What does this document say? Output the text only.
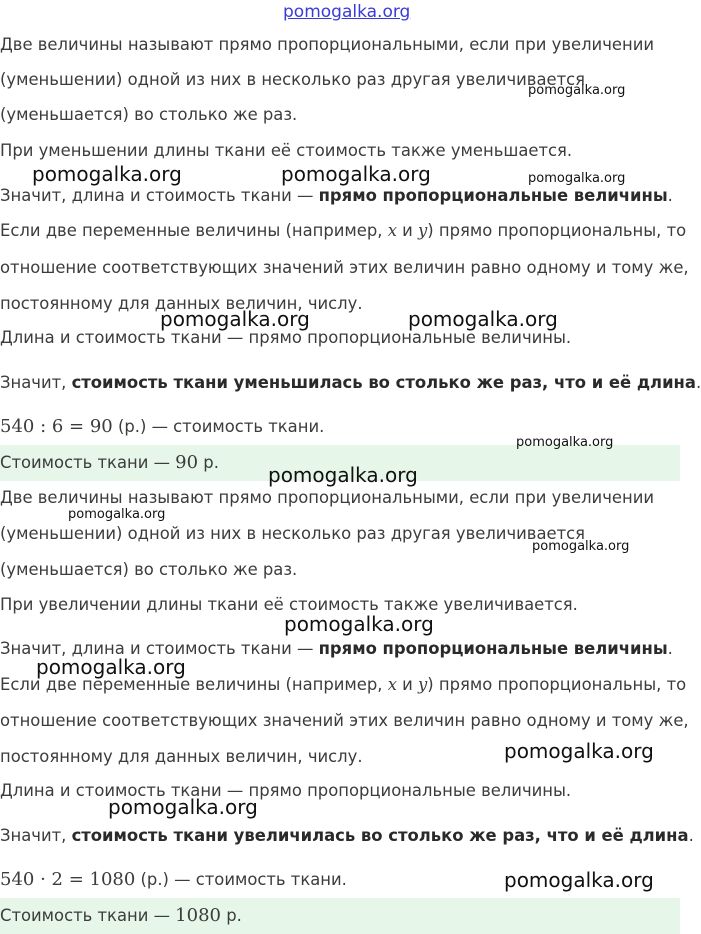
pomogalka.org
Две величины называют прямо пропорциональными, если при увеличении
(уменьшении) одной из них в несколько раз другая увеличивается
(уменьшается) во столько же раз.
При уменьшении длины ткани её стоимость также уменьшается.
Значит, длина и стоимость ткани — прямо пропорциональные величины.
Если две переменные величины (например, x и y) прямо пропорциональны, то
отношение соответствующих значений этих величин равно одному и тому же,
постоянному для данных величин, числу.
Длина и стоимость ткани — прямо пропорциональные величины.
Значит, стоимость ткани уменьшилась во столько же раз, что и её длина.
540 : 6 = 90 (р.) — стоимость ткани.
Стоимость ткани — 90 р.
Две величины называют прямо пропорциональными, если при увеличении
(уменьшении) одной из них в несколько раз другая увеличивается
(уменьшается) во столько же раз.
При увеличении длины ткани её стоимость также увеличивается.
Значит, длина и стоимость ткани — прямо пропорциональные величины.
Если две переменные величины (например, x и y) прямо пропорциональны, то
отношение соответствующих значений этих величин равно одному и тому же,
постоянному для данных величин, числу.
Длина и стоимость ткани — прямо пропорциональные величины.
Значит, стоимость ткани увеличилась во столько же раз, что и её длина.
540 · 2 = 1080 (р.) — стоимость ткани.
Стоимость ткани — 1080 р.
pomogalka.org
pomogalka.org	pomogalka.org	pomogalka.org
pomogalka.org	pomogalka.org
pomogalka.org
pomogalka.org
pomogalka.org
pomogalka.org
pomogalka.org
pomogalka.org
pomogalka.org
pomogalka.org
pomogalka.org
